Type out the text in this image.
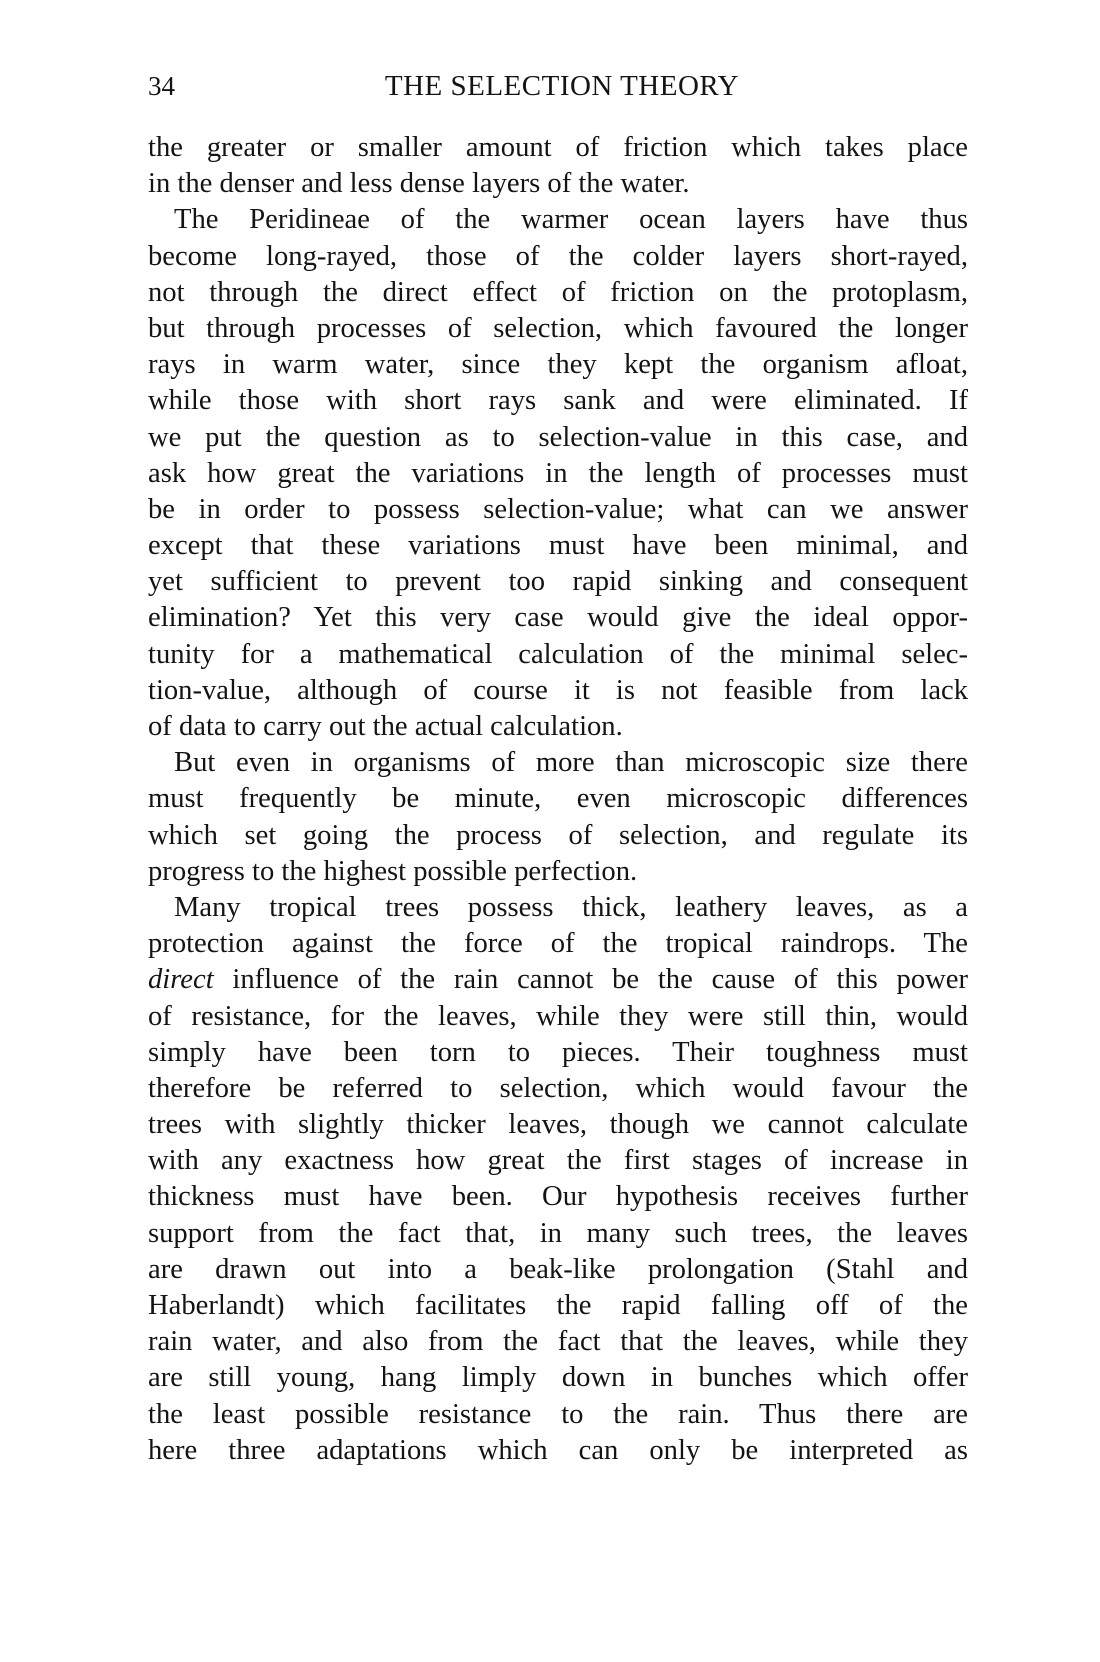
34	THE SELECTION THEORY
the greater or smaller amount of friction which takes place
in the denser and less dense layers of the water.
The Peridineae of the warmer ocean layers have thus
become long-rayed, those of the colder layers short-rayed,
not through the direct effect of friction on the protoplasm,
but through processes of selection, which favoured the longer
rays in warm water, since they kept the organism afloat,
while those with short rays sank and were eliminated. If
we put the question as to selection-value in this case, and
ask how great the variations in the length of processes must
be in order to possess selection-value; what can we answer
except that these variations must have been minimal, and
yet sufficient to prevent too rapid sinking and consequent
elimination? Yet this very case would give the ideal oppor-
tunity for a mathematical calculation of the minimal selec-
tion-value, although of course it is not feasible from lack
of data to carry out the actual calculation.
But even in organisms of more than microscopic size there
must frequently be minute, even microscopic differences
which set going the process of selection, and regulate its
progress to the highest possible perfection.
Many tropical trees possess thick, leathery leaves, as a
protection against the force of the tropical raindrops. The
direct influence of the rain cannot be the cause of this power
of resistance, for the leaves, while they were still thin, would
simply have been torn to pieces. Their toughness must
therefore be referred to selection, which would favour the
trees with slightly thicker leaves, though we cannot calculate
with any exactness how great the first stages of increase in
thickness must have been. Our hypothesis receives further
support from the fact that, in many such trees, the leaves
are drawn out into a beak-like prolongation (Stahl and
Haberlandt) which facilitates the rapid falling off of the
rain water, and also from the fact that the leaves, while they
are still young, hang limply down in bunches which offer
the least possible resistance to the rain. Thus there are
here three adaptations which can only be interpreted as
